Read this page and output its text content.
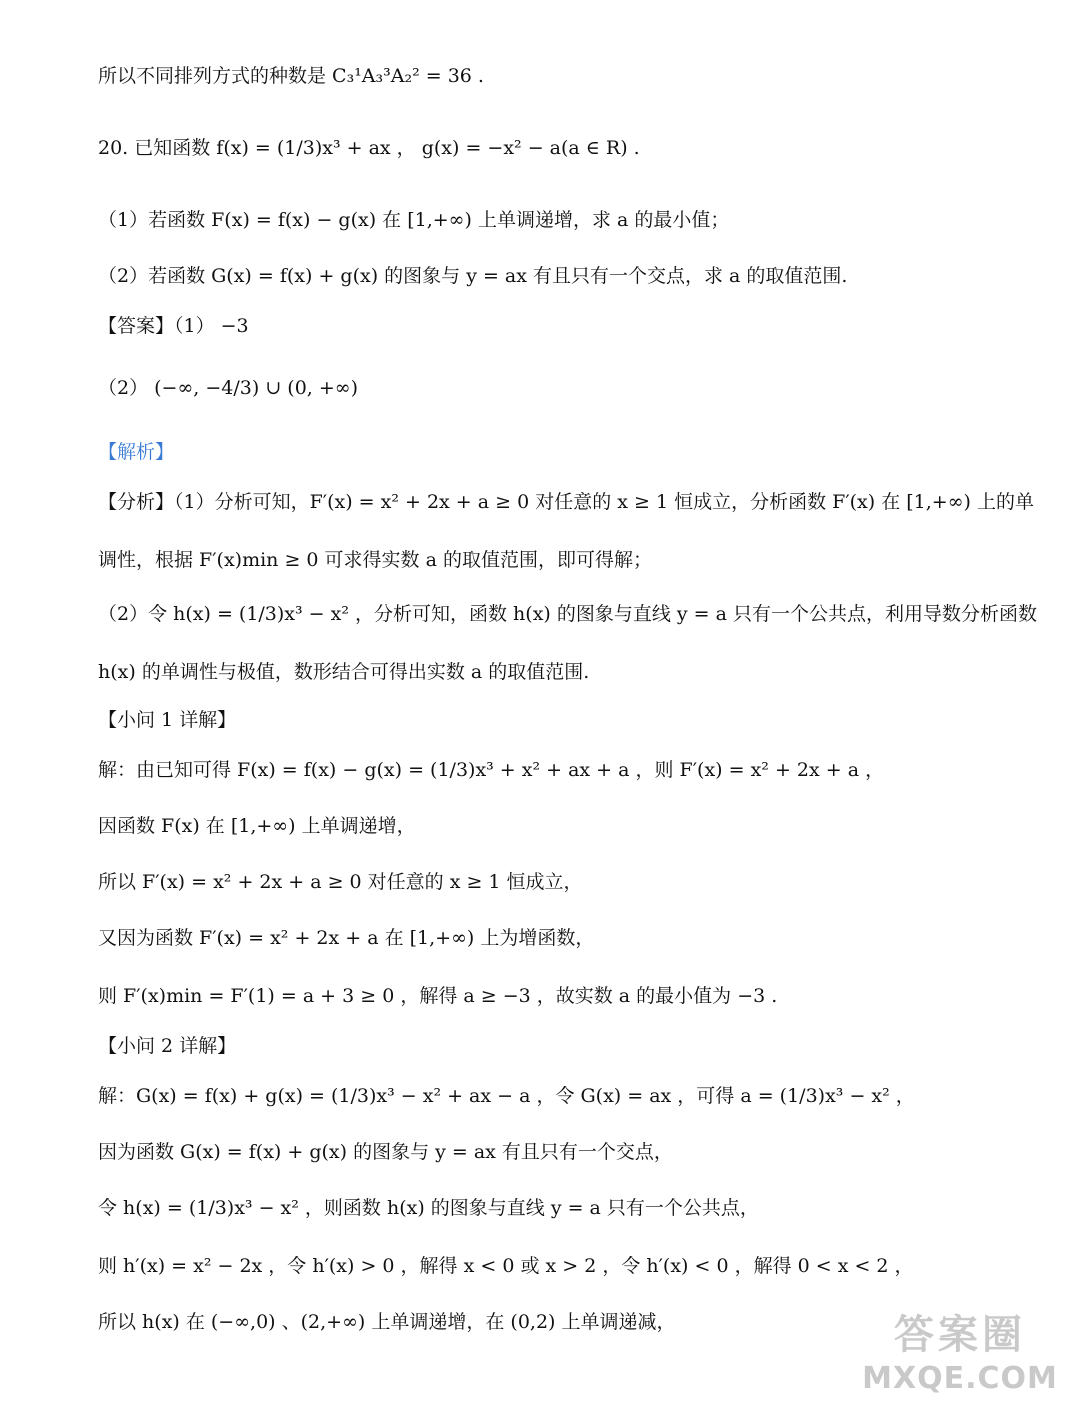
所以不同排列方式的种数是 C₃¹A₃³A₂² = 36 .
20. 已知函数 f(x) = (1/3)x³ + ax ， g(x) = −x² − a(a ∈ R) .
（1）若函数 F(x) = f(x) − g(x) 在 [1,+∞) 上单调递增，求 a 的最小值；
（2）若函数 G(x) = f(x) + g(x) 的图象与 y = ax 有且只有一个交点，求 a 的取值范围.
【答案】（1） −3
（2） (−∞, −4/3) ∪ (0, +∞)
【解析】
【分析】（1）分析可知，F′(x) = x² + 2x + a ≥ 0 对任意的 x ≥ 1 恒成立，分析函数 F′(x) 在 [1,+∞) 上的单
调性，根据 F′(x)min ≥ 0 可求得实数 a 的取值范围，即可得解；
（2）令 h(x) = (1/3)x³ − x² ，分析可知，函数 h(x) 的图象与直线 y = a 只有一个公共点，利用导数分析函数
h(x) 的单调性与极值，数形结合可得出实数 a 的取值范围.
【小问 1 详解】
解：由已知可得 F(x) = f(x) − g(x) = (1/3)x³ + x² + ax + a ，则 F′(x) = x² + 2x + a ，
因函数 F(x) 在 [1,+∞) 上单调递增，
所以 F′(x) = x² + 2x + a ≥ 0 对任意的 x ≥ 1 恒成立，
又因为函数 F′(x) = x² + 2x + a 在 [1,+∞) 上为增函数，
则 F′(x)min = F′(1) = a + 3 ≥ 0 ，解得 a ≥ −3 ，故实数 a 的最小值为 −3 .
【小问 2 详解】
解：G(x) = f(x) + g(x) = (1/3)x³ − x² + ax − a ，令 G(x) = ax ，可得 a = (1/3)x³ − x² ，
因为函数 G(x) = f(x) + g(x) 的图象与 y = ax 有且只有一个交点，
令 h(x) = (1/3)x³ − x² ，则函数 h(x) 的图象与直线 y = a 只有一个公共点，
则 h′(x) = x² − 2x ，令 h′(x) > 0 ，解得 x < 0 或 x > 2 ，令 h′(x) < 0 ，解得 0 < x < 2 ，
所以 h(x) 在 (−∞,0) 、(2,+∞) 上单调递增，在 (0,2) 上单调递减，	答案圈
MXQE.COM
